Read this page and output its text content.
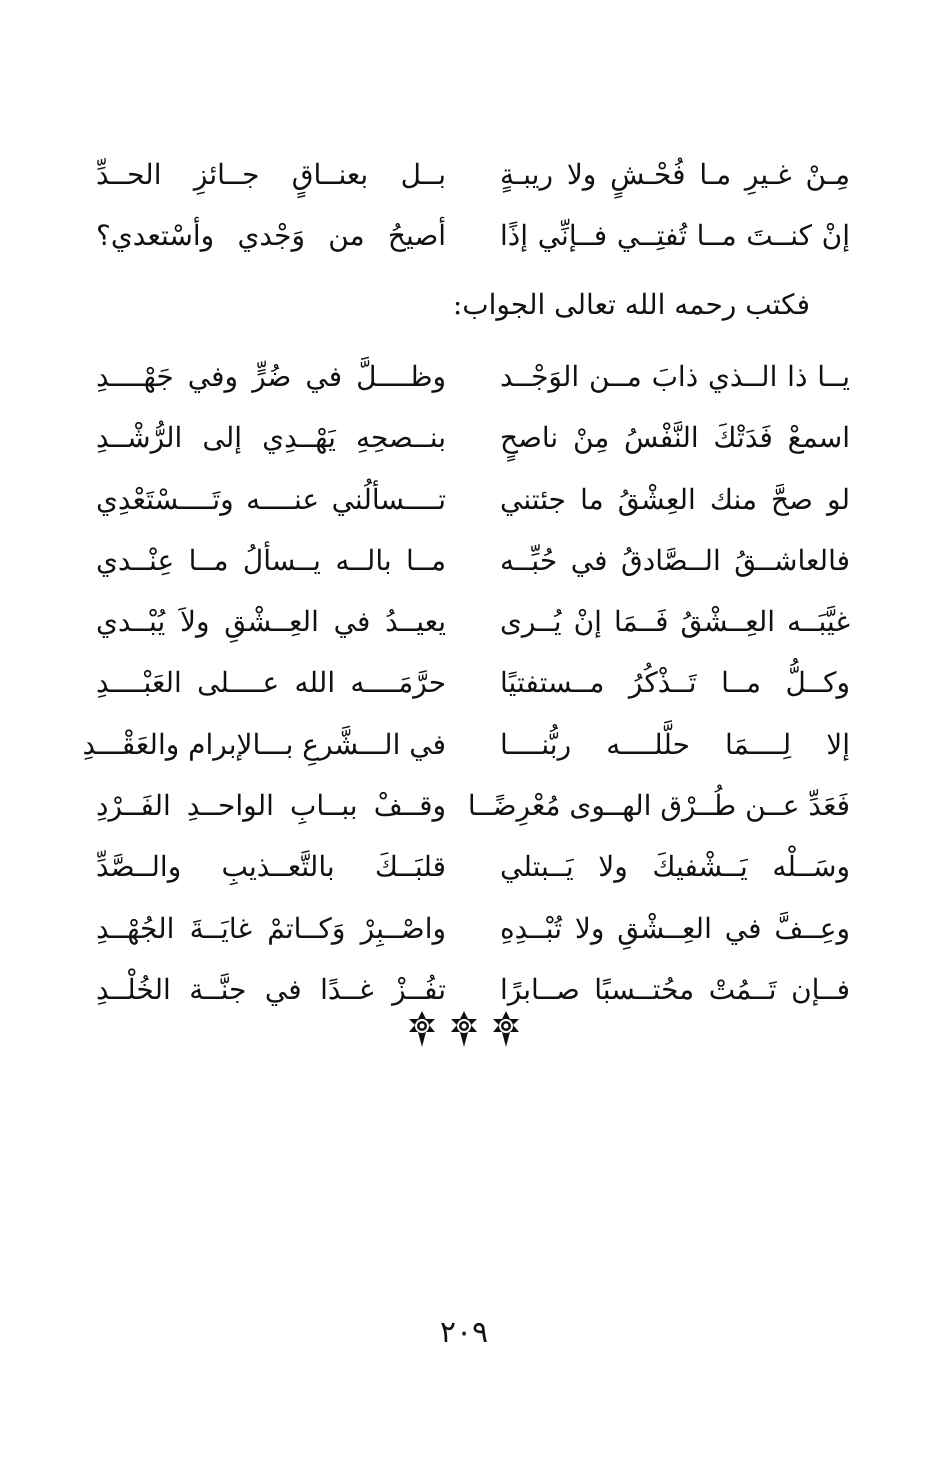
مِـنْ غـيرِ مـا فُحْـشٍ ولا ريبـةٍ
بــل بعنــاقٍ جــائزِ الحــدِّ
إنْ كنــتَ مــا تُفتِــي فــإنِّي إذًا
أصيحُ من وَجْدي وأسْتعدي؟
فكتب رحمه الله تعالى الجواب:
يــا ذا الــذي ذابَ مــن الوَجْــد
وظــــلَّ في ضُرٍّ وفي جَهْــــدِ
اسمعْ فَدَتْكَ النَّفْسُ مِنْ ناصحٍ
بنــصحِهِ يَهْــدِي إلى الرُّشْــدِ
لو صحَّ منك العِشْقُ ما جئتني
تــــسألُني عنــــه وتَــــسْتَعْدِي
فالعاشــقُ الــصَّادقُ في حُبِّــه
مــا بالــه يــسألُ مــا عِنْــدي
غيَّبَــه العِــشْقُ فَــمَا إنْ يُــرى
يعيــدُ في العِــشْقِ ولاَ يُبْــدي
وكــلُّ مــا تَــذْكُرُ مــستفتيًا
حرَّمَــــه الله عــــلى العَبْــــدِ
إلا لِــــمَا حلَّلــــه ربُّنــــا
في الـــشَّرعِ بـــالإبرام والعَقْـــدِ
فَعَدِّ عــن طُــرْق الهــوى مُعْرِضًــا
وقــفْ ببــابِ الواحــدِ الفَــرْدِ
وسَــلْه يَــشْفيكَ ولا يَــبتلي
قلبَــكَ بالتَّعــذيبِ والــصَّدِّ
وعِــفَّ في العِــشْقِ ولا تُبْــدِهِ
واصْــبِرْ وَكــاتمْ غايَــةَ الجُهْــدِ
فــإن تَــمُتْ محُتــسبًا صــابرًا
تفُــزْ غــدًا في جنَّــة الخُلْــدِ
٢٠٩
